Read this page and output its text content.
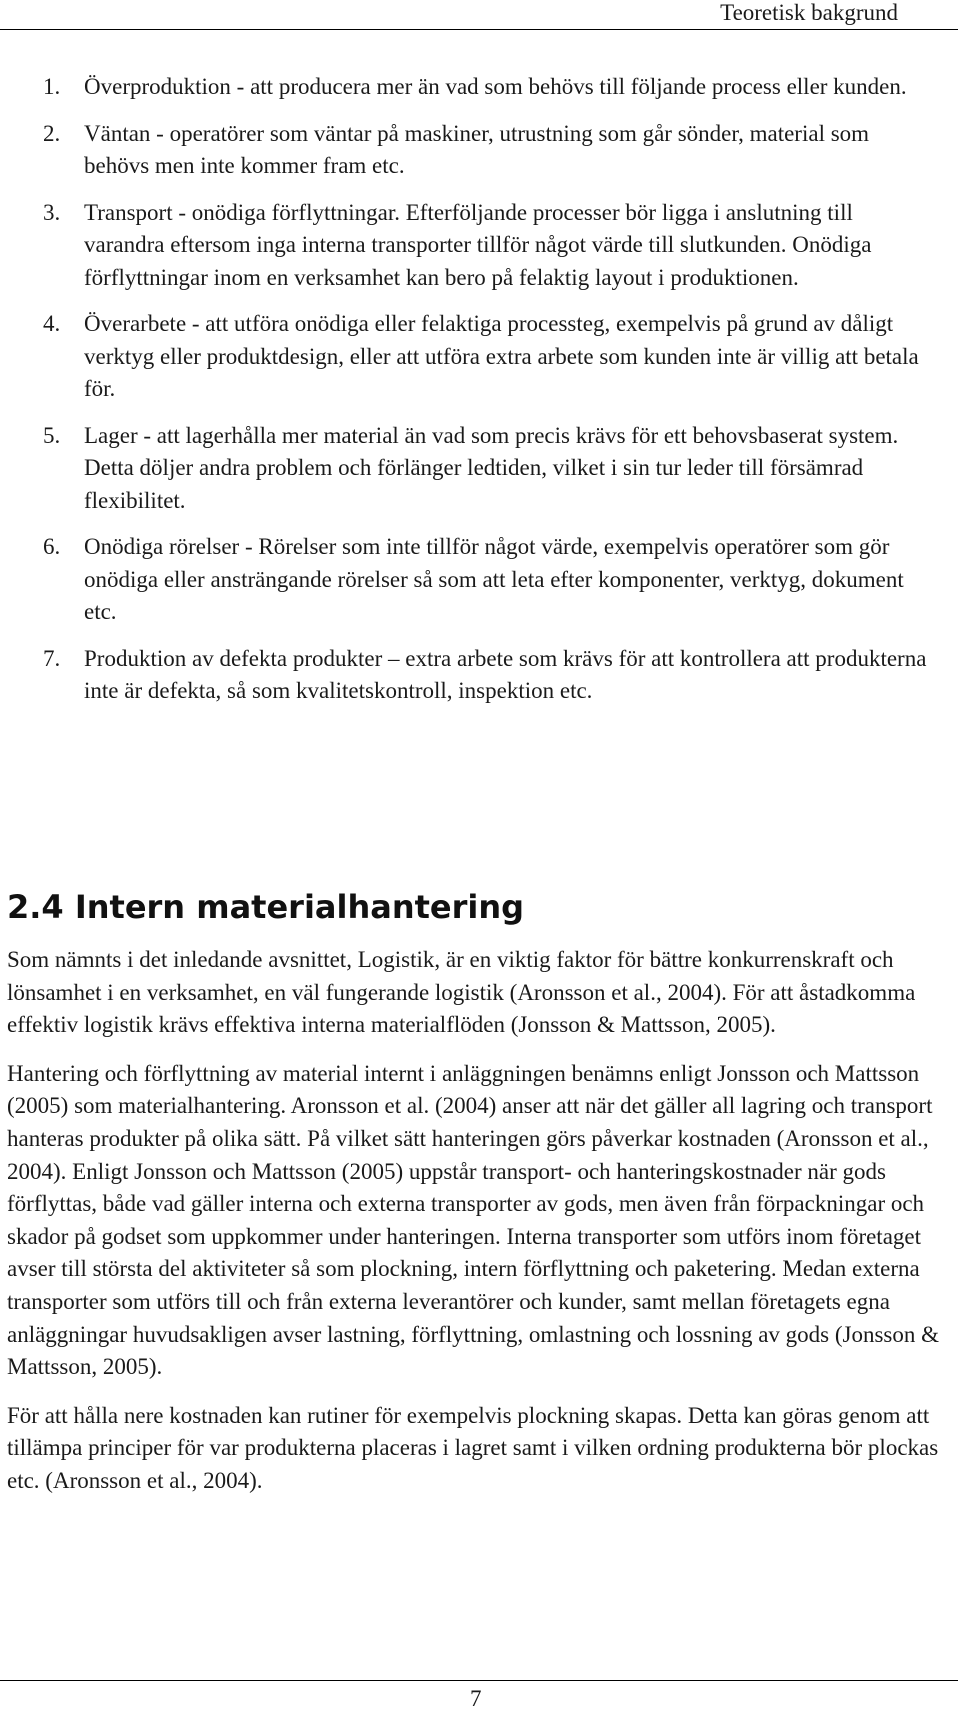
Teoretisk bakgrund
1. Överproduktion - att producera mer än vad som behövs till följande process eller kunden.
2. Väntan - operatörer som väntar på maskiner, utrustning som går sönder, material som behövs men inte kommer fram etc.
3. Transport - onödiga förflyttningar. Efterföljande processer bör ligga i anslutning till varandra eftersom inga interna transporter tillför något värde till slutkunden. Onödiga förflyttningar inom en verksamhet kan bero på felaktig layout i produktionen.
4. Överarbete - att utföra onödiga eller felaktiga processteg, exempelvis på grund av dåligt verktyg eller produktdesign, eller att utföra extra arbete som kunden inte är villig att betala för.
5. Lager - att lagerhålla mer material än vad som precis krävs för ett behovsbaserat system. Detta döljer andra problem och förlänger ledtiden, vilket i sin tur leder till försämrad flexibilitet.
6. Onödiga rörelser - Rörelser som inte tillför något värde, exempelvis operatörer som gör onödiga eller ansträngande rörelser så som att leta efter komponenter, verktyg, dokument etc.
7. Produktion av defekta produkter – extra arbete som krävs för att kontrollera att produkterna inte är defekta, så som kvalitetskontroll, inspektion etc.
2.4 Intern materialhantering

Som nämnts i det inledande avsnittet, Logistik, är en viktig faktor för bättre konkurrenskraft och lönsamhet i en verksamhet, en väl fungerande logistik (Aronsson et al., 2004). För att åstadkomma effektiv logistik krävs effektiva interna materialflöden (Jonsson & Mattsson, 2005).

Hantering och förflyttning av material internt i anläggningen benämns enligt Jonsson och Mattsson (2005) som materialhantering. Aronsson et al. (2004) anser att när det gäller all lagring och transport hanteras produkter på olika sätt. På vilket sätt hanteringen görs påverkar kostnaden (Aronsson et al., 2004). Enligt Jonsson och Mattsson (2005) uppstår transport- och hanteringskostnader när gods förflyttas, både vad gäller interna och externa transporter av gods, men även från förpackningar och skador på godset som uppkommer under hanteringen. Interna transporter som utförs inom företaget avser till största del aktiviteter så som plockning, intern förflyttning och paketering. Medan externa transporter som utförs till och från externa leverantörer och kunder, samt mellan företagets egna anläggningar huvudsakligen avser lastning, förflyttning, omlastning och lossning av gods (Jonsson & Mattsson, 2005).

För att hålla nere kostnaden kan rutiner för exempelvis plockning skapas. Detta kan göras genom att tillämpa principer för var produkterna placeras i lagret samt i vilken ordning produkterna bör plockas etc. (Aronsson et al., 2004).

7
